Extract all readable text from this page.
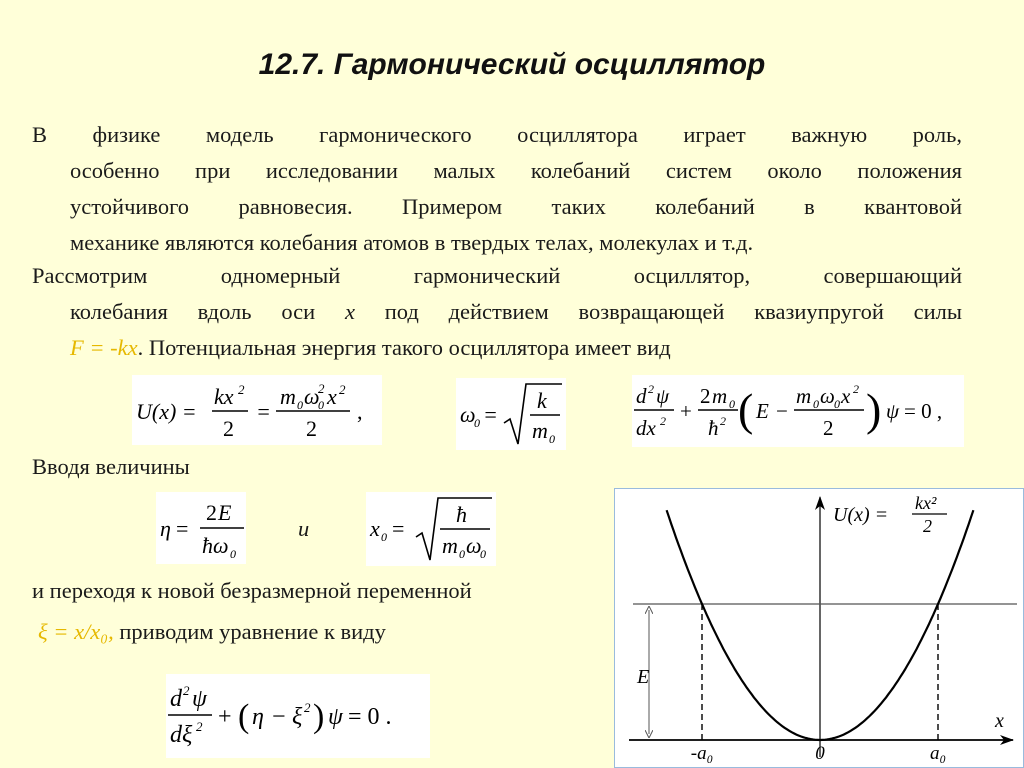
12.7. Гармонический осциллятор
В физике модель гармонического осциллятора играет важную роль,
особенно при исследовании малых колебаний систем около положения
устойчивого равновесия. Примером таких колебаний в квантовой
механике являются колебания атомов в твердых телах, молекулах и т.д.
Рассмотрим одномерный гармонический осциллятор, совершающий
колебания вдоль оси x под действием возвращающей квазиупругой силы
F = -kx. Потенциальная энергия такого осциллятора имеет вид
U(x) =
kx 2
2
=
m 0 ω
0
2 x 2
2
,	ω
0 =
k
m 0
d 2 ψ
dx 2 +
2 m 0
ħ 2 ( E −
m 0 ω 0 x 2
2 ) ψ = 0 ,
Вводя величины
η =
2 E
ħω 0
и	x 0 =
ħ
m 0 ω
0
и переходя к новой безразмерной переменной
ξ = x/x₀, приводим уравнение к виду
d 2 ψ
dξ 2 + ( η − ξ 2 ) ψ = 0 .
-a₀	0	a₀
x
E
U(x) =
kx²
2
